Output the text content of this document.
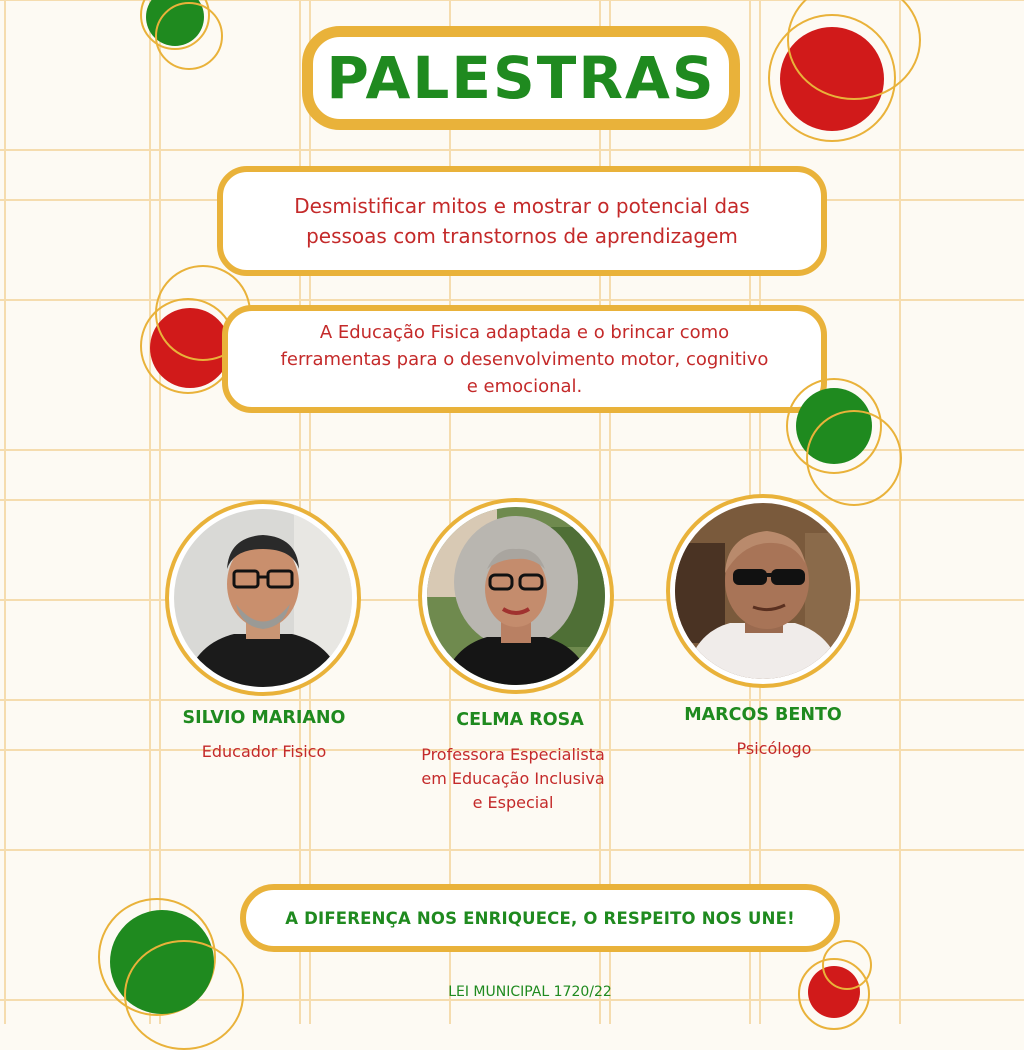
PALESTRAS
Desmistificar mitos e mostrar o potencial das pessoas com transtornos de aprendizagem
A Educação Fisica adaptada e o brincar como ferramentas para o desenvolvimento motor, cognitivo e emocional.
SILVIO MARIANO
Educador Fisico
CELMA ROSA
Professora Especialista em Educação Inclusiva e Especial
MARCOS BENTO
Psicólogo
A DIFERENÇA NOS ENRIQUECE, O RESPEITO NOS UNE!
LEI MUNICIPAL 1720/22
